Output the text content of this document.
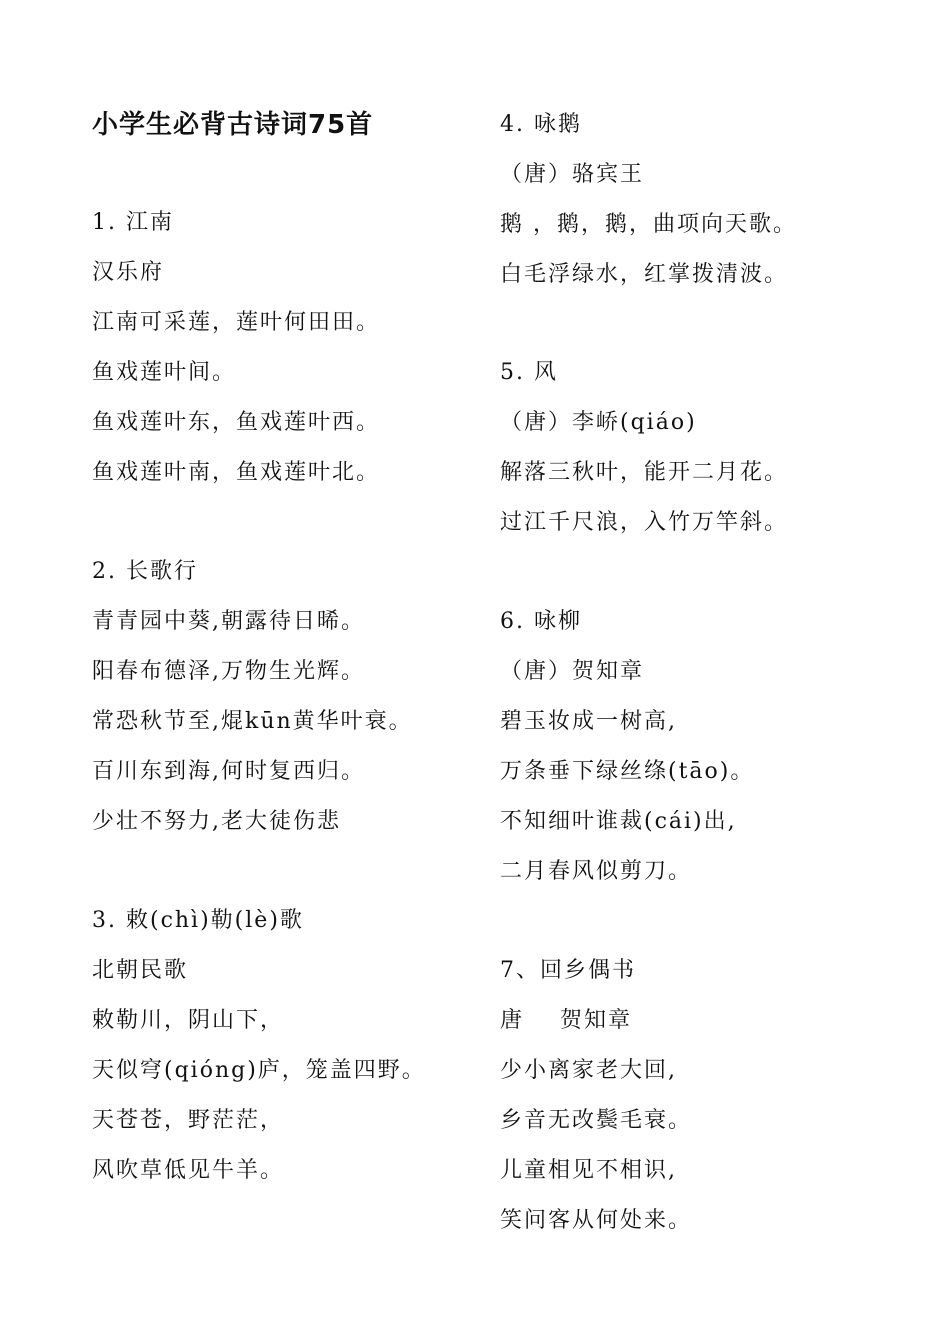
小学生必背古诗词75首
1. 江南
汉乐府
江南可采莲，莲叶何田田。
鱼戏莲叶间。
鱼戏莲叶东，鱼戏莲叶西。
鱼戏莲叶南，鱼戏莲叶北。
2. 长歌行
青青园中葵,朝露待日晞。
阳春布德泽,万物生光辉。
常恐秋节至,焜kūn黄华叶衰。
百川东到海,何时复西归。
少壮不努力,老大徒伤悲
3. 敕(chì)勒(lè)歌
北朝民歌
敕勒川，阴山下，
天似穹(qióng)庐，笼盖四野。
天苍苍，野茫茫，
风吹草低见牛羊。
4. 咏鹅
（唐）骆宾王
鹅 ，鹅，鹅，曲项向天歌。
白毛浮绿水，红掌拨清波。
5. 风
（唐）李峤(qiáo)
解落三秋叶，能开二月花。
过江千尺浪，入竹万竿斜。
6. 咏柳
（唐）贺知章
碧玉妆成一树高,
万条垂下绿丝绦(tāo)。
不知细叶谁裁(cái)出,
二月春风似剪刀。
7、回乡偶书
唐    贺知章
少小离家老大回,
乡音无改鬓毛衰。
儿童相见不相识,
笑问客从何处来。
